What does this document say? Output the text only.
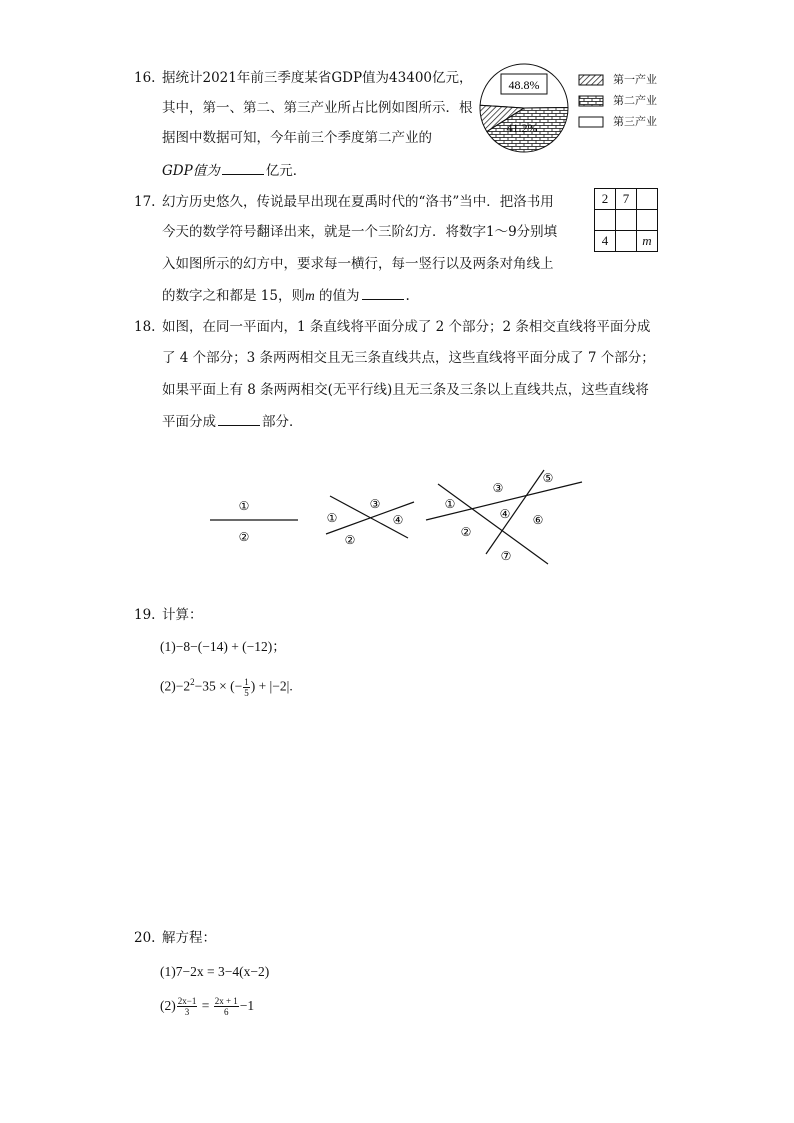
16. 据统计2021年前三季度某省GDP值为43400亿元，
其中，第一、第二、第三产业所占比例如图所示．根
据图中数据可知，今年前三个季度第二产业的
GDP值为	亿元．
48.8%
41.2%
第一产业
第二产业
第三产业
17. 幻方历史悠久，传说最早出现在夏禹时代的“洛书”当中．把洛书用
今天的数学符号翻译出来，就是一个三阶幻方．将数字1～9分别填
入如图所示的幻方中，要求每一横行，每一竖行以及两条对角线上
的数字之和都是 15，则m 的值为	.
2	7	

4		m
18. 如图，在同一平面内，1 条直线将平面分成了 2 个部分；2 条相交直线将平面分成
了 4 个部分；3 条两两相交且无三条直线共点，这些直线将平面分成了 7 个部分；
如果平面上有 8 条两两相交(无平行线)且无三条及三条以上直线共点，这些直线将
平面分成	部分．
①
②
①
②
③
④
①
②
③
④
⑤
⑥
⑦
19. 计算：
(1)−8−(−14) + (−12)；
$(2)-2^2-35$ × (− $\frac{1}{5}$ ) + |−2|.
20. 解方程：
(1)7−2x = 3−4(x−2)
$(2) \frac{2x-1}{3} = \frac{2x + 1}{6} -1$
